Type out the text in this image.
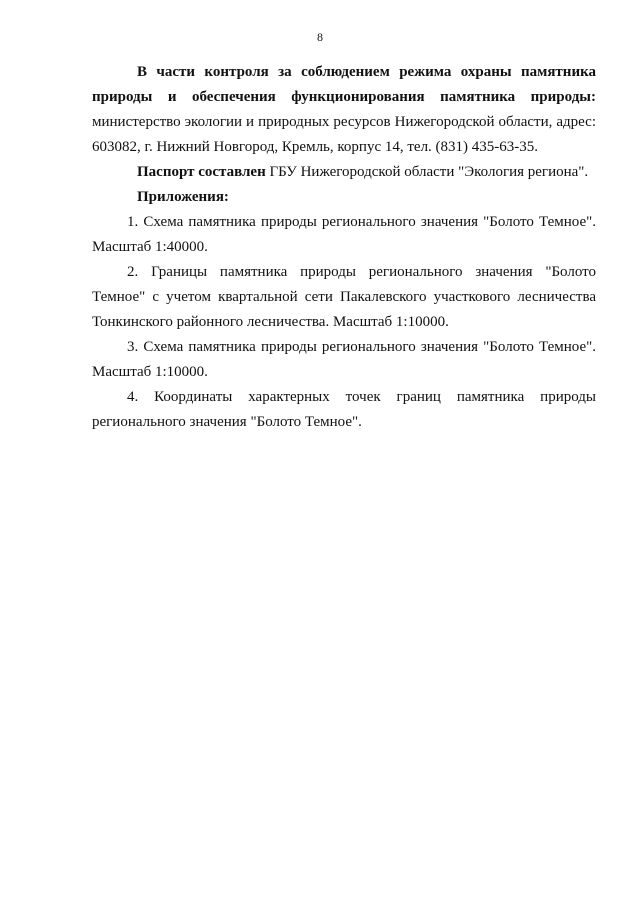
8

В части контроля за соблюдением режима охраны памятника природы и обеспечения функционирования памятника природы: министерство экологии и природных ресурсов Нижегородской области, адрес: 603082, г. Нижний Новгород, Кремль, корпус 14, тел. (831) 435-63-35.

Паспорт составлен ГБУ Нижегородской области "Экология региона".

Приложения:

1. Схема памятника природы регионального значения "Болото Темное". Масштаб 1:40000.

2. Границы памятника природы регионального значения "Болото Темное" с учетом квартальной сети Пакалевского участкового лесничества Тонкинского районного лесничества. Масштаб 1:10000.

3. Схема памятника природы регионального значения "Болото Темное". Масштаб 1:10000.

4. Координаты характерных точек границ памятника природы регионального значения "Болото Темное".
